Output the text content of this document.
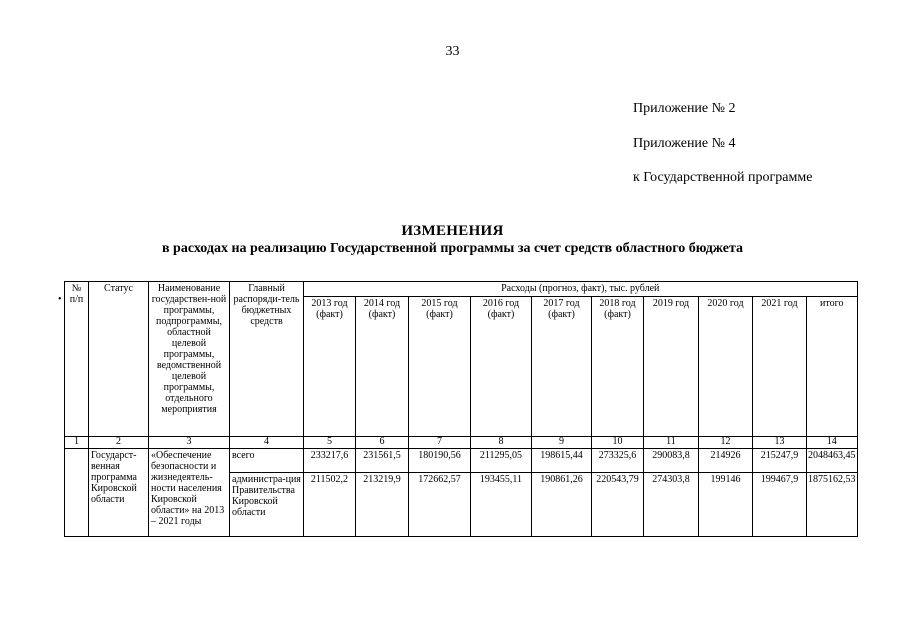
33
Приложение № 2
Приложение № 4
к Государственной программе
ИЗМЕНЕНИЯ
в расходах на реализацию Государственной программы за счет средств областного бюджета
•
№ п/п	Статус	Наименование государствен-ной программы, подпрограммы, областной целевой программы, ведомственной целевой программы, отдельного мероприятия	Главный распоряди-тель бюджетных средств	Расходы (прогноз, факт), тыс. рублей									
				2013 год (факт)	2014 год (факт)	2015 год (факт)	2016 год (факт)	2017 год (факт)	2018 год (факт)	2019 год	2020 год	2021 год	итого
1	2	3	4	5	6	7	8	9	10	11	12	13	14
	Государст-венная программа Кировской области	«Обеспечение безопасности и жизнедеятель-ности населения Кировской области» на 2013 – 2021 годы	всего	233217,6	231561,5	180190,56	211295,05	198615,44	273325,6	290083,8	214926	215247,9	2048463,45
			администра-ция Правительства Кировской области	211502,2	213219,9	172662,57	193455,11	190861,26	220543,79	274303,8	199146	199467,9	1875162,53
